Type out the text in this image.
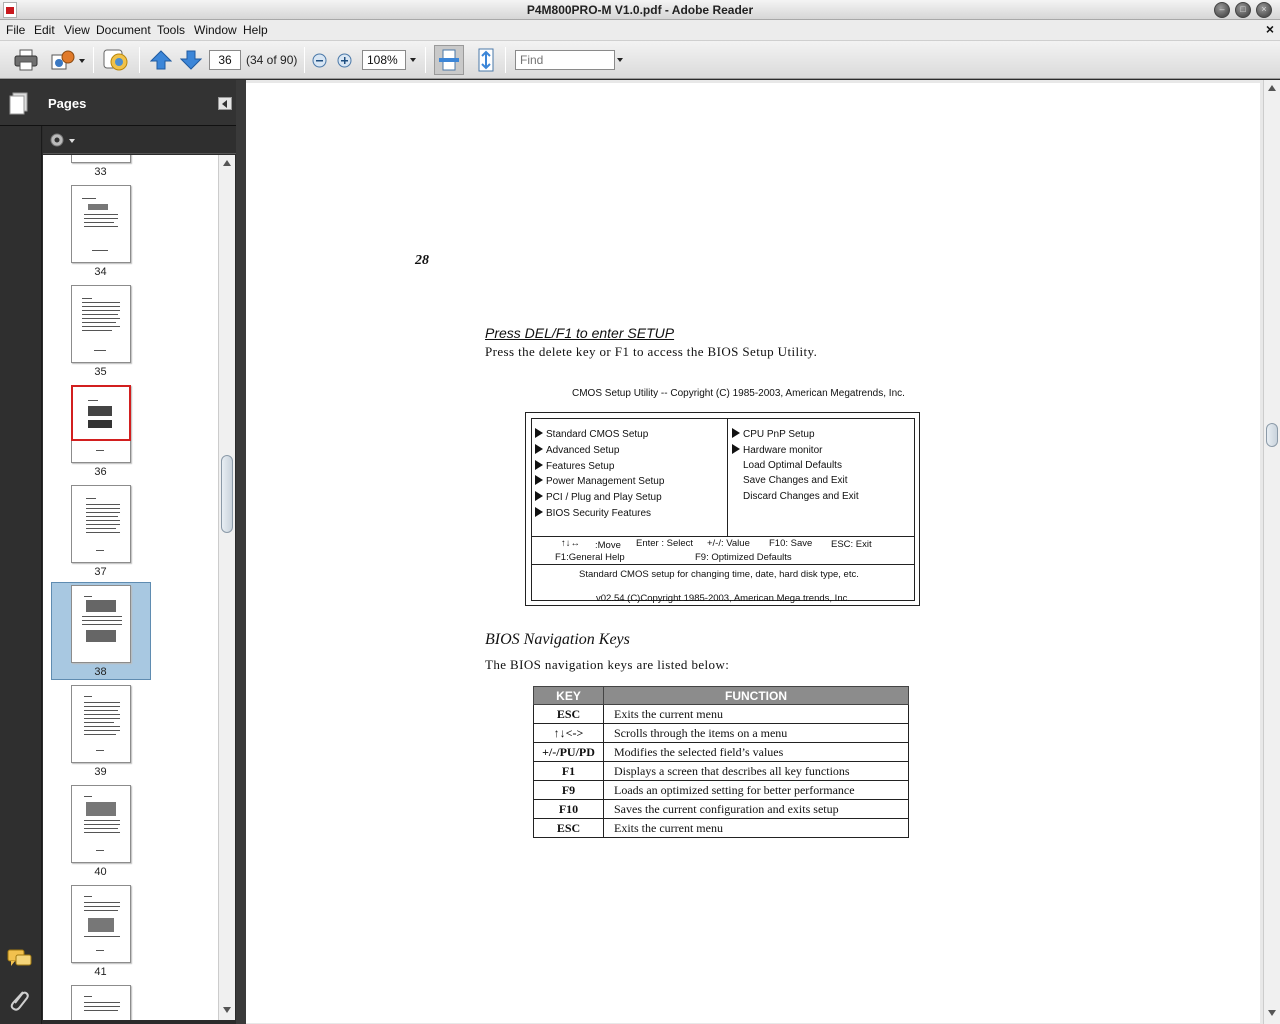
P4M800PRO-M V1.0.pdf - Adobe Reader	–	□	×
File Edit View Document Tools Window Help	×
36
(34 of 90)
108%
Find
Pages
33
34
35
36
37
38
39
40
41
28
Press DEL/F1 to enter SETUP
Press the delete key or F1 to access the BIOS Setup Utility.
CMOS Setup Utility -- Copyright (C) 1985-2003, American Megatrends, Inc.
Standard CMOS Setup
Advanced Setup
Features Setup
Power Management Setup
PCI / Plug and Play Setup
BIOS Security Features
CPU PnP Setup
Hardware monitor
Load Optimal Defaults
Save Changes and Exit
Discard Changes and Exit
↑↓↔ :Move Enter : Select +/-/: Value F10: Save ESC: Exit
F1:General Help	F9: Optimized Defaults
Standard CMOS setup for changing time, date, hard disk type, etc.
v02.54 (C)Copyright 1985-2003, American Mega trends, Inc.
BIOS Navigation Keys
The BIOS navigation keys are listed below:
KEY	FUNCTION
ESC	Exits the current menu
↑↓<->	Scrolls through the items on a menu
+/-/PU/PD	Modifies the selected field’s values
F1	Displays a screen that describes all key functions
F9	Loads an optimized setting for better performance
F10	Saves the current configuration and exits setup
ESC	Exits the current menu
